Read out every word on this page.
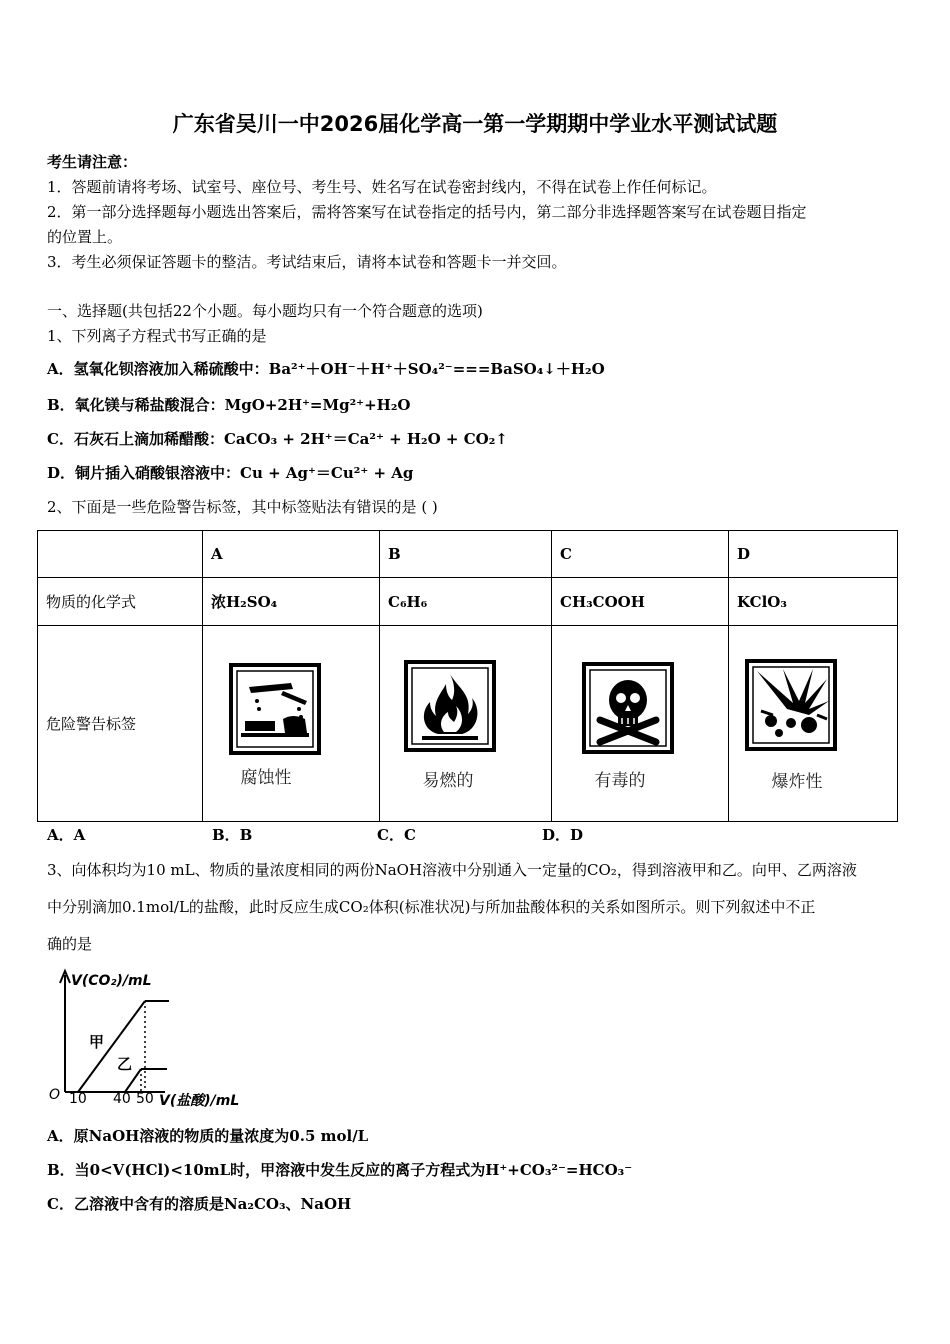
广东省吴川一中2026届化学高一第一学期期中学业水平测试试题
考生请注意：
1．答题前请将考场、试室号、座位号、考生号、姓名写在试卷密封线内，不得在试卷上作任何标记。
2．第一部分选择题每小题选出答案后，需将答案写在试卷指定的括号内，第二部分非选择题答案写在试卷题目指定
的位置上。
3．考生必须保证答题卡的整洁。考试结束后，请将本试卷和答题卡一并交回。
一、选择题(共包括22个小题。每小题均只有一个符合题意的选项)
1、下列离子方程式书写正确的是
A．氢氧化钡溶液加入稀硫酸中：Ba²⁺＋OH⁻＋H⁺＋SO₄²⁻===BaSO₄↓＋H₂O
B．氧化镁与稀盐酸混合：MgO+2H⁺=Mg²⁺+H₂O
C．石灰石上滴加稀醋酸：CaCO₃ + 2H⁺＝Ca²⁺ + H₂O + CO₂↑
D．铜片插入硝酸银溶液中：Cu + Ag⁺＝Cu²⁺ + Ag
2、下面是一些危险警告标签，其中标签贴法有错误的是 ( )
	A	B	C	D
物质的化学式	浓H₂SO₄	C₆H₆	CH₃COOH	KClO₃
危险警告标签	腐蚀性	易燃的	有毒的	爆炸性
A．A	B．B	C．C	D．D
3、向体积均为10 mL、物质的量浓度相同的两份NaOH溶液中分别通入一定量的CO₂，得到溶液甲和乙。向甲、乙两溶液
中分别滴加0.1mol/L的盐酸，此时反应生成CO₂体积(标准状况)与所加盐酸体积的关系如图所示。则下列叙述中不正
确的是
V(CO₂)/mL
O 10 40 50 V(盐酸)/mL
甲
乙
A．原NaOH溶液的物质的量浓度为0.5 mol/L
B．当0<V(HCl)<10mL时，甲溶液中发生反应的离子方程式为H⁺+CO₃²⁻=HCO₃⁻
C．乙溶液中含有的溶质是Na₂CO₃、NaOH
